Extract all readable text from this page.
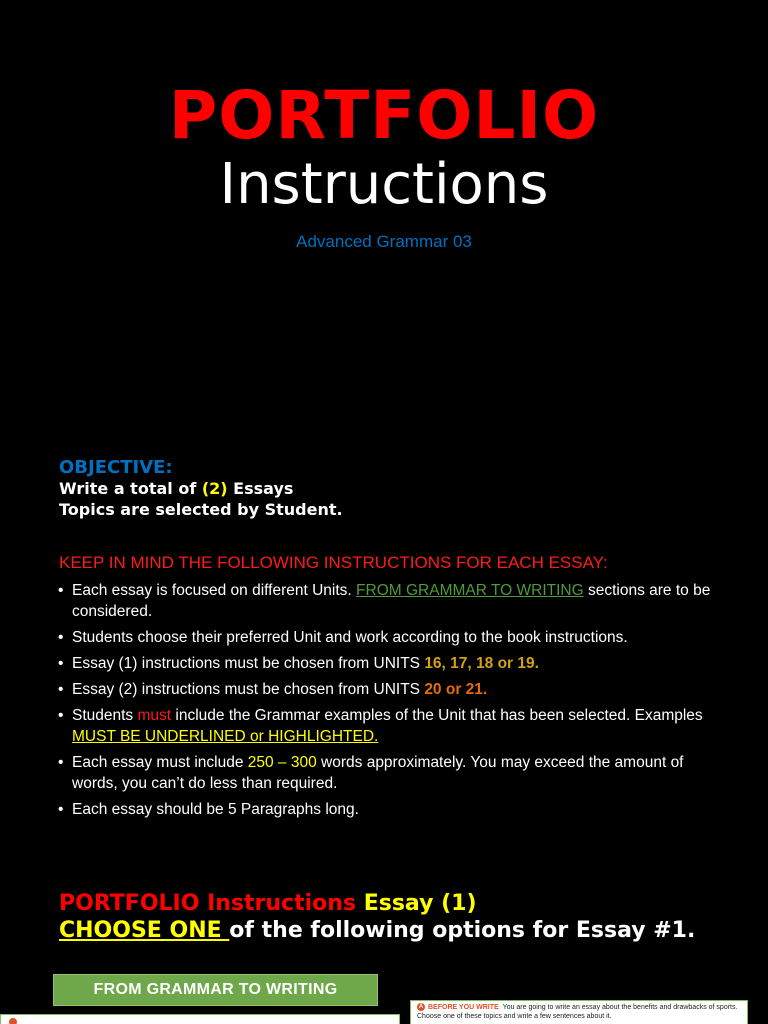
PORTFOLIO
Instructions
Advanced Grammar 03
OBJECTIVE:
Write a total of (2) Essays
Topics are selected by Student.
KEEP IN MIND THE FOLLOWING INSTRUCTIONS FOR EACH ESSAY:
• Each essay is focused on different Units. FROM GRAMMAR TO WRITING sections are to be considered.
• Students choose their preferred Unit and work according to the book instructions.
• Essay (1) instructions must be chosen from UNITS 16, 17, 18 or 19.
• Essay (2) instructions must be chosen from UNITS 20 or 21.
• Students must include the Grammar examples of the Unit that has been selected. Examples MUST BE UNDERLINED or HIGHLIGHTED.
• Each essay must include 250 – 300 words approximately. You may exceed the amount of words, you can’t do less than required.
• Each essay should be 5 Paragraphs long.
PORTFOLIO Instructions Essay (1)
CHOOSE ONE of the following options for Essay #1.
FROM GRAMMAR TO WRITING
A BEFORE YOU WRITE You are going to write an essay about the benefits and drawbacks of sports. Choose one of these topics and write a few sentences about it.
